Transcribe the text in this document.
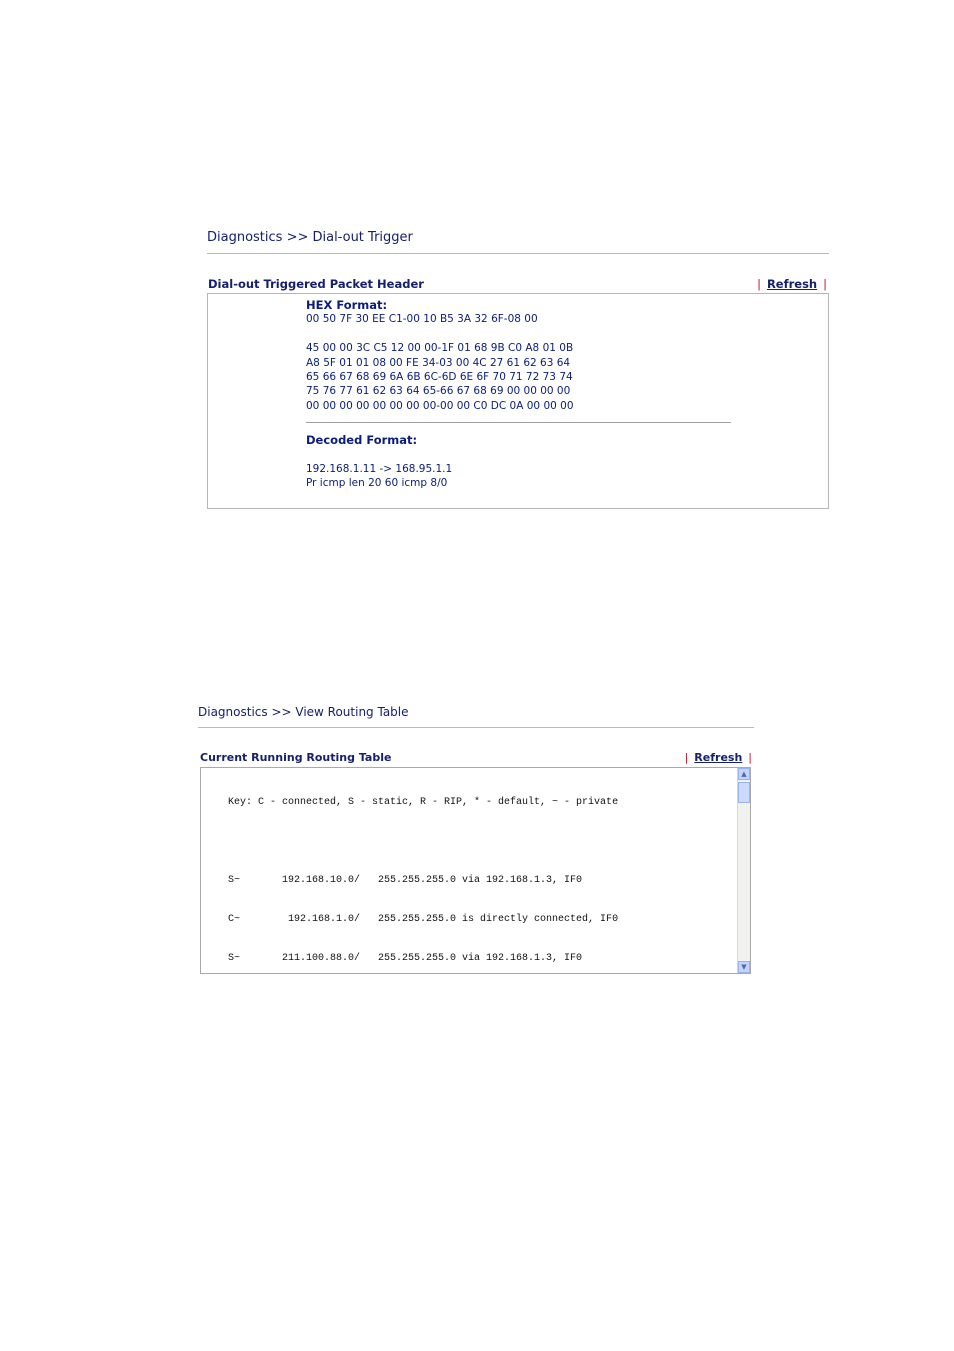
Diagnostics >> Dial-out Trigger
Dial-out Triggered Packet Header	| Refresh |
HEX Format:
00 50 7F 30 EE C1-00 10 B5 3A 32 6F-08 00
45 00 00 3C C5 12 00 00-1F 01 68 9B C0 A8 01 0B
A8 5F 01 01 08 00 FE 34-03 00 4C 27 61 62 63 64
65 66 67 68 69 6A 6B 6C-6D 6E 6F 70 71 72 73 74
75 76 77 61 62 63 64 65-66 67 68 69 00 00 00 00
00 00 00 00 00 00 00 00-00 00 C0 DC 0A 00 00 00
Decoded Format:
192.168.1.11 -> 168.95.1.1
Pr icmp len 20 60 icmp 8/0
Diagnostics >> View Routing Table
Current Running Routing Table	| Refresh |

Key: C - connected, S - static, R - RIP, * - default, ~ - private

S~       192.168.10.0/   255.255.255.0 via 192.168.1.3, IF0

C~        192.168.1.0/   255.255.255.0 is directly connected, IF0

S~       211.100.88.0/   255.255.255.0 via 192.168.1.3, IF0

▲
▼
